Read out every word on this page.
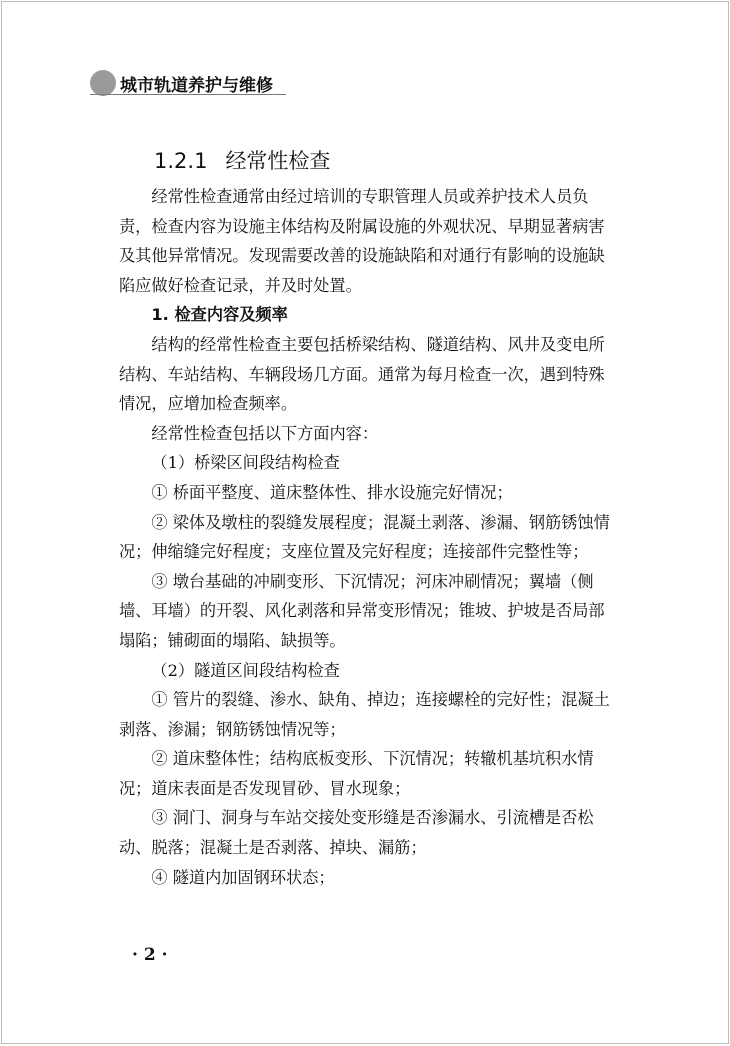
城市轨道养护与维修
1.2.1 经常性检查

经常性检查通常由经过培训的专职管理人员或养护技术人员负责，检查内容为设施主体结构及附属设施的外观状况、早期显著病害及其他异常情况。发现需要改善的设施缺陷和对通行有影响的设施缺陷应做好检查记录，并及时处置。

1. 检查内容及频率

结构的经常性检查主要包括桥梁结构、隧道结构、风井及变电所结构、车站结构、车辆段场几方面。通常为每月检查一次，遇到特殊情况，应增加检查频率。

经常性检查包括以下方面内容：

（1）桥梁区间段结构检查

① 桥面平整度、道床整体性、排水设施完好情况；

② 梁体及墩柱的裂缝发展程度；混凝土剥落、渗漏、钢筋锈蚀情况；伸缩缝完好程度；支座位置及完好程度；连接部件完整性等；

③ 墩台基础的冲刷变形、下沉情况；河床冲刷情况；翼墙（侧墙、耳墙）的开裂、风化剥落和异常变形情况；锥坡、护坡是否局部塌陷；铺砌面的塌陷、缺损等。

（2）隧道区间段结构检查

① 管片的裂缝、渗水、缺角、掉边；连接螺栓的完好性；混凝土剥落、渗漏；钢筋锈蚀情况等；

② 道床整体性；结构底板变形、下沉情况；转辙机基坑积水情况；道床表面是否发现冒砂、冒水现象；

③ 洞门、洞身与车站交接处变形缝是否渗漏水、引流槽是否松动、脱落；混凝土是否剥落、掉块、漏筋；

④ 隧道内加固钢环状态；

· 2 ·
